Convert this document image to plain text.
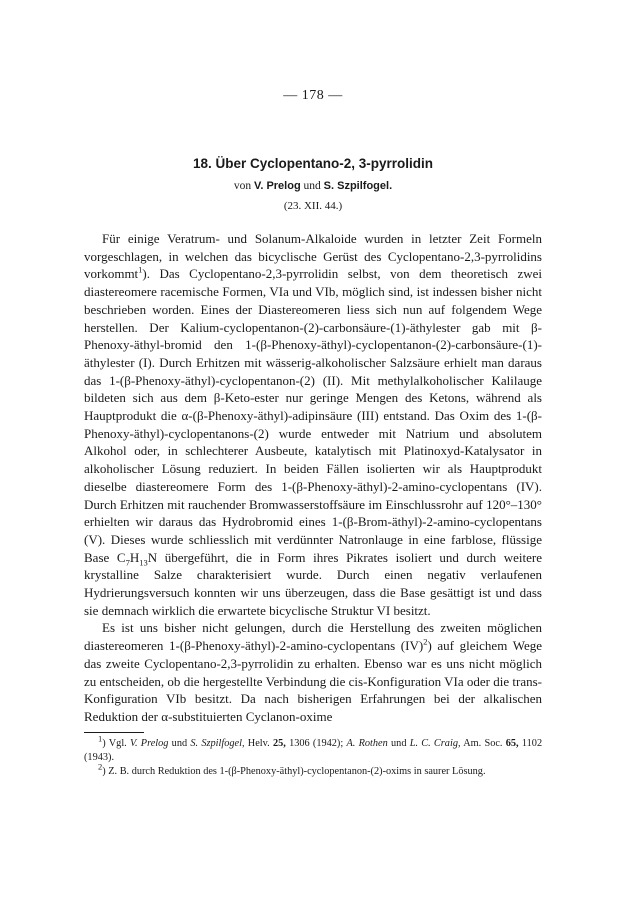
— 178 —
18. Über Cyclopentano-2, 3-pyrrolidin
von V. Prelog und S. Szpilfogel.
(23. XII. 44.)

Für einige Veratrum- und Solanum-Alkaloide wurden in letzter Zeit Formeln vorgeschlagen, in welchen das bicyclische Gerüst des Cyclopentano-2,3-pyrrolidins vorkommt$^1$). Das Cyclopentano-2,3-pyrrolidin selbst, von dem theoretisch zwei diastereomere racemische Formen, VIa und VIb, möglich sind, ist indessen bisher nicht beschrieben worden. Eines der Diastereomeren liess sich nun auf folgendem Wege herstellen. Der Kalium-cyclopentanon-(2)-carbonsäure-(1)-äthylester gab mit β-Phenoxy-äthyl-bromid den 1-(β-Phenoxy-äthyl)-cyclopentanon-(2)-carbonsäure-(1)-äthylester (I). Durch Erhitzen mit wässerig-alkoholischer Salzsäure erhielt man daraus das 1-(β-Phenoxy-äthyl)-cyclopentanon-(2) (II). Mit methylalkoholischer Kalilauge bildeten sich aus dem β-Keto-ester nur geringe Mengen des Ketons, während als Hauptprodukt die α-(β-Phenoxy-äthyl)-adipinsäure (III) entstand. Das Oxim des 1-(β-Phenoxy-äthyl)-cyclopentanons-(2) wurde entweder mit Natrium und absolutem Alkohol oder, in schlechterer Ausbeute, katalytisch mit Platinoxyd-Katalysator in alkoholischer Lösung reduziert. In beiden Fällen isolierten wir als Hauptprodukt dieselbe diastereomere Form des 1-(β-Phenoxy-äthyl)-2-amino-cyclopentans (IV). Durch Erhitzen mit rauchender Bromwasserstoffsäure im Einschlussrohr auf 120°–130° erhielten wir daraus das Hydrobromid eines 1-(β-Brom-äthyl)-2-amino-cyclopentans (V). Dieses wurde schliesslich mit verdünnter Natronlauge in eine farblose, flüssige Base $C_7H_{13}N$ übergeführt, die in Form ihres Pikrates isoliert und durch weitere krystalline Salze charakterisiert wurde. Durch einen negativ verlaufenen Hydrierungsversuch konnten wir uns überzeugen, dass die Base gesättigt ist und dass sie demnach wirklich die erwartete bicyclische Struktur VI besitzt.

Es ist uns bisher nicht gelungen, durch die Herstellung des zweiten möglichen diastereomeren 1-(β-Phenoxy-äthyl)-2-amino-cyclopentans (IV)$^2$) auf gleichem Wege das zweite Cyclopentano-2,3-pyrrolidin zu erhalten. Ebenso war es uns nicht möglich zu entscheiden, ob die hergestellte Verbindung die cis-Konfiguration VIa oder die trans-Konfiguration VIb besitzt. Da nach bisherigen Erfahrungen bei der alkalischen Reduktion der α-substituierten Cyclanon-oxime

$^1$) Vgl. V. Prelog und S. Szpilfogel, Helv. 25, 1306 (1942); A. Rothen und L. C. Craig, Am. Soc. 65, 1102 (1943).

$^2$) Z. B. durch Reduktion des 1-(β-Phenoxy-äthyl)-cyclopentanon-(2)-oxims in saurer Lösung.
